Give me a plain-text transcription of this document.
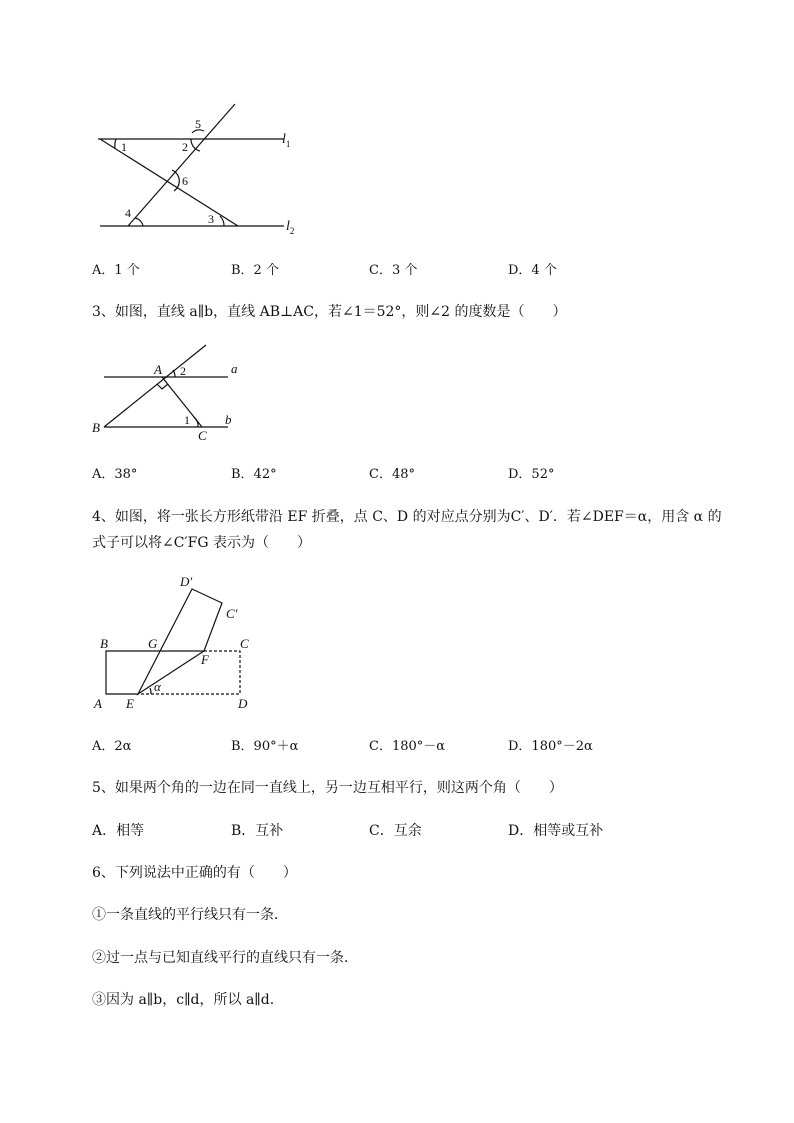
1	2
5
6
4	3
$l_1$
$l_2$
A．1 个	B．2 个	C．3 个	D．4 个
3、如图，直线 a∥b，直线 AB⊥AC，若∠1＝52°，则∠2 的度数是（　　）
A 2	a
1	b
B
C
A．38°	B．42°	C．48°	D．52°
4、如图，将一张长方形纸带沿 EF 折叠，点 C、D 的对应点分别为C′、D′．若∠DEF＝α，用含 α 的
式子可以将∠C′FG 表示为（　　）
D′
C′
B	G	C
F
α
A E	D
A．2α	B．90°＋α	C．180°－α	D．180°－2α
5、如果两个角的一边在同一直线上，另一边互相平行，则这两个角（　　）
A．相等	B．互补	C．互余	D．相等或互补
6、下列说法中正确的有（　　）
①一条直线的平行线只有一条．
②过一点与已知直线平行的直线只有一条．
③因为 a∥b，c∥d，所以 a∥d.
